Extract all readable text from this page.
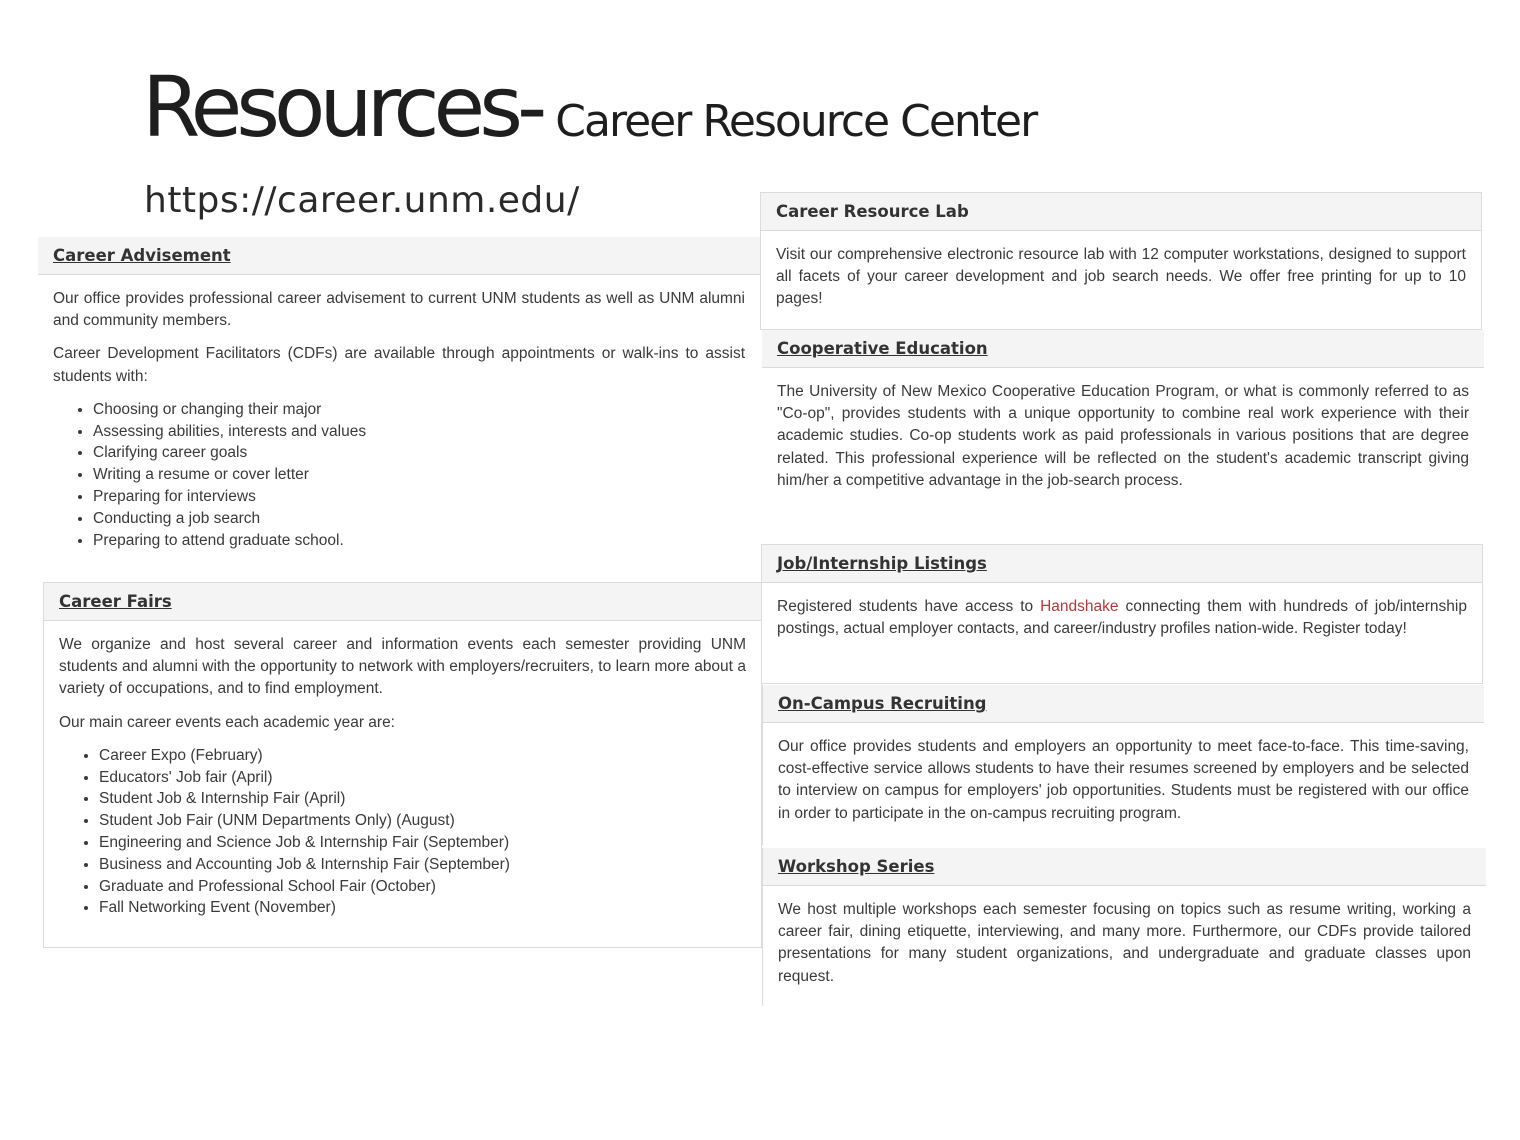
Resources- Career Resource Center
https://career.unm.edu/
Career Advisement

Our office provides professional career advisement to current UNM students as well as UNM alumni and community members.

Career Development Facilitators (CDFs) are available through appointments or walk-ins to assist students with:

• Choosing or changing their major
• Assessing abilities, interests and values
• Clarifying career goals
• Writing a resume or cover letter
• Preparing for interviews
• Conducting a job search
• Preparing to attend graduate school.
Career Fairs

We organize and host several career and information events each semester providing UNM students and alumni with the opportunity to network with employers/recruiters, to learn more about a variety of occupations, and to find employment.

Our main career events each academic year are:

• Career Expo (February)
• Educators' Job fair (April)
• Student Job & Internship Fair (April)
• Student Job Fair (UNM Departments Only) (August)
• Engineering and Science Job & Internship Fair (September)
• Business and Accounting Job & Internship Fair (September)
• Graduate and Professional School Fair (October)
• Fall Networking Event (November)
Career Resource Lab

Visit our comprehensive electronic resource lab with 12 computer workstations, designed to support all facets of your career development and job search needs. We offer free printing for up to 10 pages!

Cooperative Education

The University of New Mexico Cooperative Education Program, or what is commonly referred to as "Co-op", provides students with a unique opportunity to combine real work experience with their academic studies. Co-op students work as paid professionals in various positions that are degree related. This professional experience will be reflected on the student's academic transcript giving him/her a competitive advantage in the job-search process.

Job/Internship Listings

Registered students have access to Handshake connecting them with hundreds of job/internship postings, actual employer contacts, and career/industry profiles nation-wide. Register today!

On-Campus Recruiting

Our office provides students and employers an opportunity to meet face-to-face. This time-saving, cost-effective service allows students to have their resumes screened by employers and be selected to interview on campus for employers' job opportunities. Students must be registered with our office in order to participate in the on-campus recruiting program.

Workshop Series

We host multiple workshops each semester focusing on topics such as resume writing, working a career fair, dining etiquette, interviewing, and many more. Furthermore, our CDFs provide tailored presentations for many student organizations, and undergraduate and graduate classes upon request.
